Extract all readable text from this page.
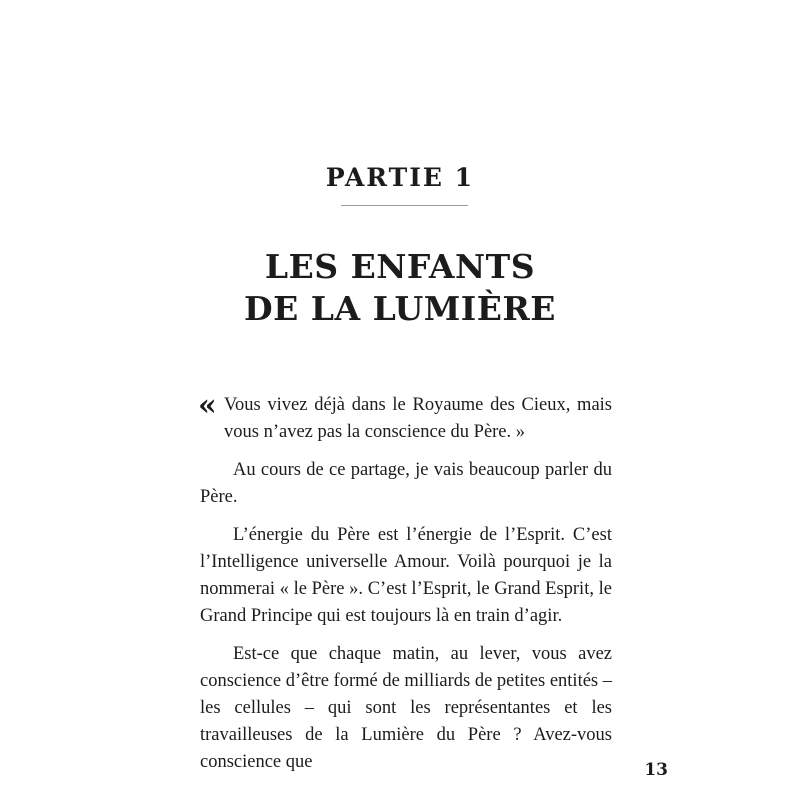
PARTIE 1
LES ENFANTS
DE LA LUMIÈRE

« Vous vivez déjà dans le Royaume des Cieux, mais vous n’avez pas la conscience du Père. »

Au cours de ce partage, je vais beaucoup parler du Père.

L’énergie du Père est l’énergie de l’Esprit. C’est l’Intelligence universelle Amour. Voilà pourquoi je la nommerai « le Père ». C’est l’Esprit, le Grand Esprit, le Grand Principe qui est toujours là en train d’agir.

Est-ce que chaque matin, au lever, vous avez conscience d’être formé de milliards de petites entités – les cellules – qui sont les représentantes et les travailleuses de la Lumière du Père ? Avez-vous conscience que	13
